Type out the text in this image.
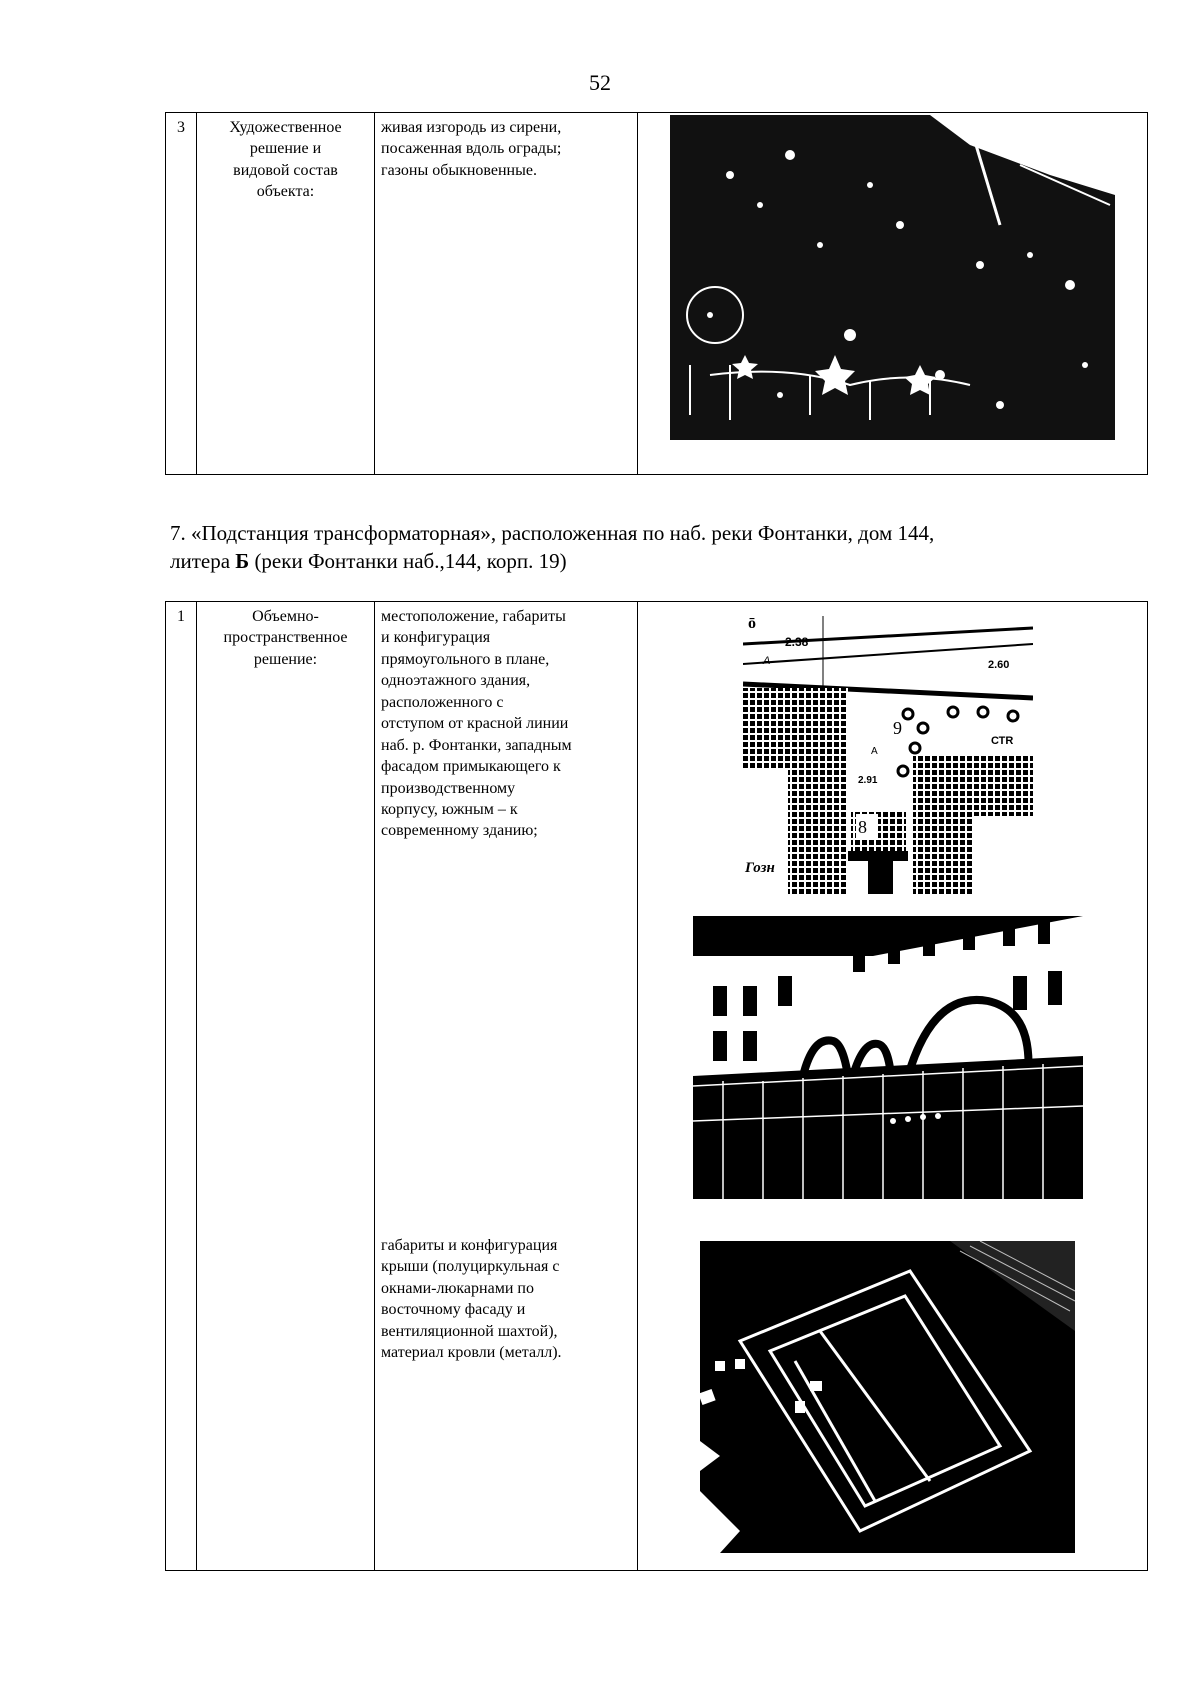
52
3	Художественное
решение и
видовой состав
объекта:

живая изгородь из сирени,
посаженная вдоль ограды;
газоны обыкновенные.

7. «Подстанция трансформаторная», расположенная по наб. реки Фонтанки, дом 144,
литера Б (реки Фонтанки наб.,144, корп. 19)
1	Объемно-
пространственное
решение:

местоположение, габариты
и конфигурация
прямоугольного в плане,
одноэтажного здания,
расположенного с
отступом от красной линии
наб. р. Фонтанки, западным
фасадом примыкающего к
производственному
корпусу, южным – к
современному зданию;
габариты и конфигурация
крыши (полуциркульная с
окнами-люкарнами по
восточному фасаду и
вентиляционной шахтой),
материал кровли (металл).

ō
2.38
2.60
2.91
А
А
9
8
СТR
Гозн
